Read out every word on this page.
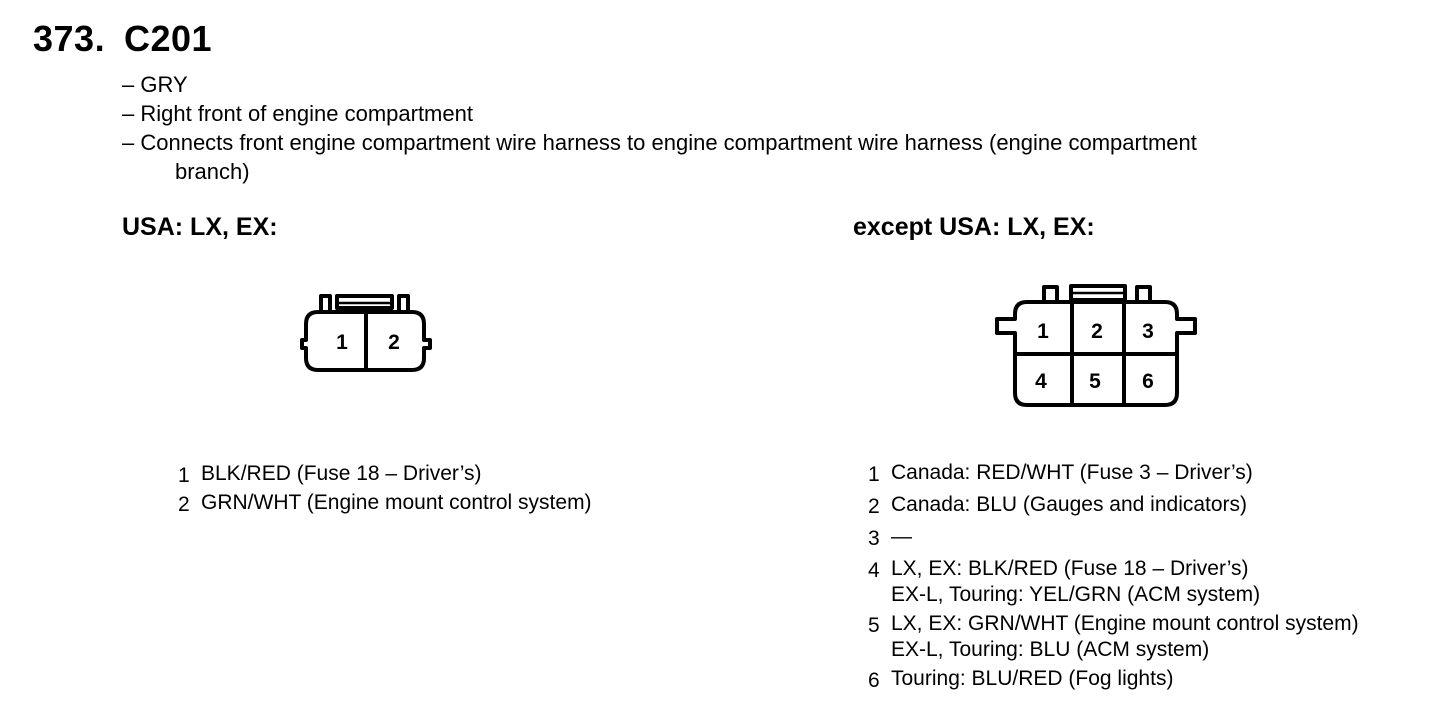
373. C201
– GRY
– Right front of engine compartment
– Connects front engine compartment wire harness to engine compartment wire harness (engine compartment
branch)
USA: LX, EX:	except USA: LX, EX:
1 2	1 2 3
4 5 6
1 BLK/RED (Fuse 18 – Driver’s)
2 GRN/WHT (Engine mount control system)
1 Canada: RED/WHT (Fuse 3 – Driver’s)
2 Canada: BLU (Gauges and indicators)
3 —
4 LX, EX: BLK/RED (Fuse 18 – Driver’s)
EX-L, Touring: YEL/GRN (ACM system)
5 LX, EX: GRN/WHT (Engine mount control system)
EX-L, Touring: BLU (ACM system)
6 Touring: BLU/RED (Fog lights)
